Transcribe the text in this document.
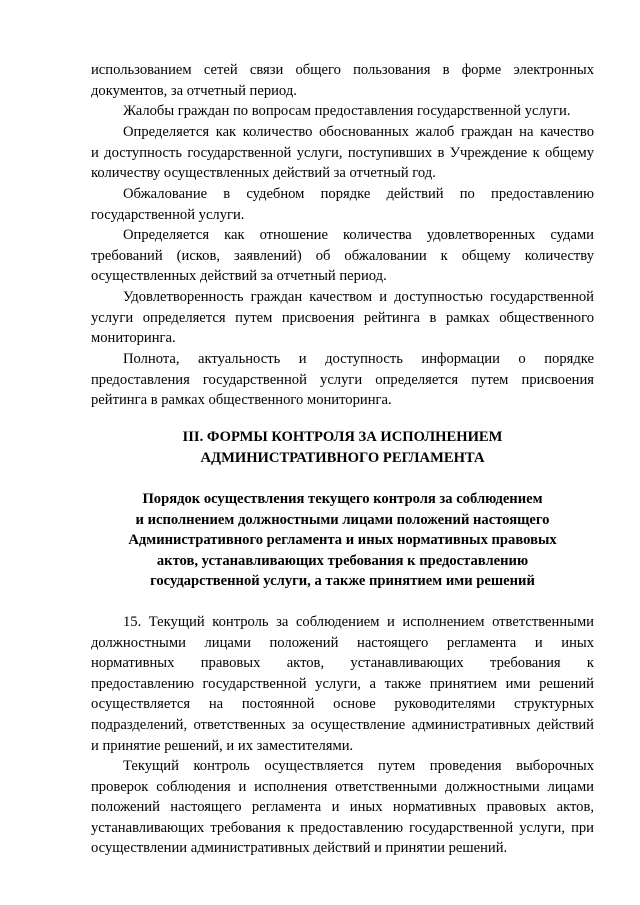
использованием сетей связи общего пользования в форме электронных
документов, за отчетный период.
Жалобы граждан по вопросам предоставления государственной услуги.
Определяется как количество обоснованных жалоб граждан на качество
и доступность государственной услуги, поступивших в Учреждение к общему
количеству осуществленных действий за отчетный год.
Обжалование в судебном порядке действий по предоставлению
государственной услуги.
Определяется как отношение количества удовлетворенных судами
требований (исков, заявлений) об обжаловании к общему количеству
осуществленных действий за отчетный период.
Удовлетворенность граждан качеством и доступностью государственной
услуги определяется путем присвоения рейтинга в рамках общественного
мониторинга.
Полнота, актуальность и доступность информации о порядке
предоставления государственной услуги определяется путем присвоения
рейтинга в рамках общественного мониторинга.
III. ФОРМЫ КОНТРОЛЯ ЗА ИСПОЛНЕНИЕМ
АДМИНИСТРАТИВНОГО РЕГЛАМЕНТА
Порядок осуществления текущего контроля за соблюдением
и исполнением должностными лицами положений настоящего
Административного регламента и иных нормативных правовых
актов, устанавливающих требования к предоставлению
государственной услуги, а также принятием ими решений
15. Текущий контроль за соблюдением и исполнением ответственными
должностными лицами положений настоящего регламента и иных
нормативных правовых актов, устанавливающих требования к
предоставлению государственной услуги, а также принятием ими решений
осуществляется на постоянной основе руководителями структурных
подразделений, ответственных за осуществление административных действий
и принятие решений, и их заместителями.
Текущий контроль осуществляется путем проведения выборочных
проверок соблюдения и исполнения ответственными должностными лицами
положений настоящего регламента и иных нормативных правовых актов,
устанавливающих требования к предоставлению государственной услуги, при
осуществлении административных действий и принятии решений.
